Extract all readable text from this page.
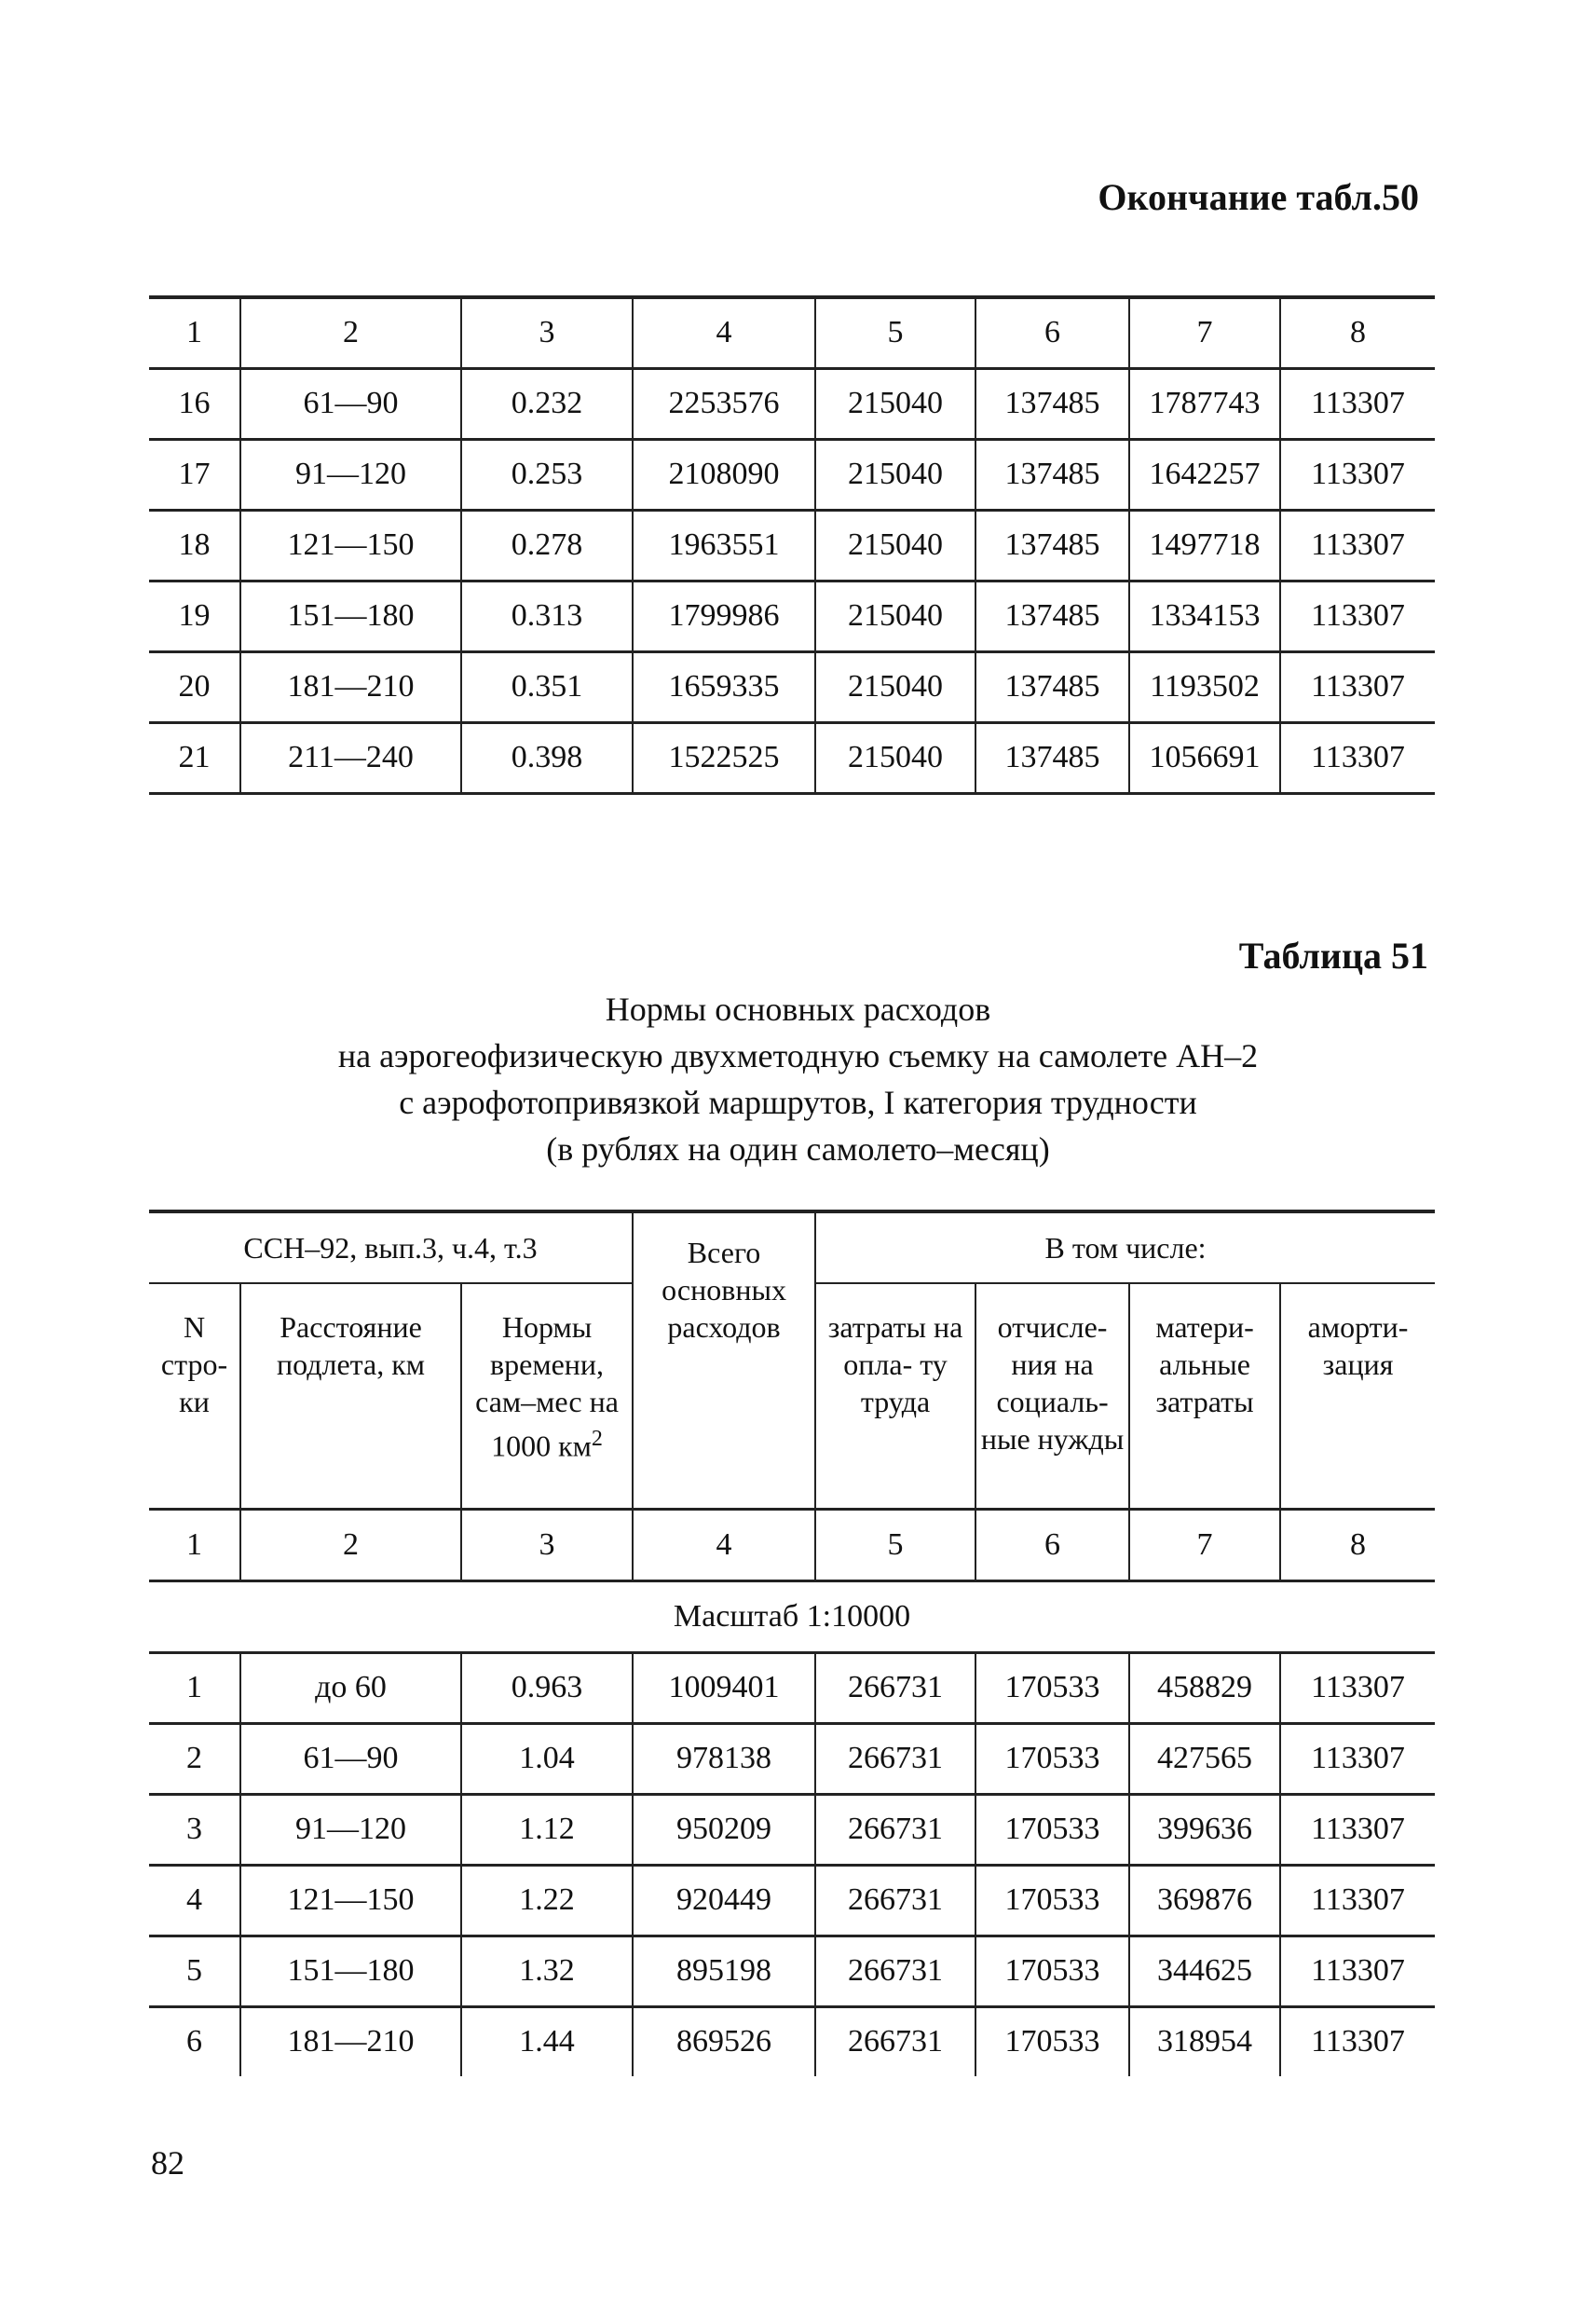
Окончание табл.50
1	2	3	4	5	6	7	8
16	61—90	0.232	2253576	215040	137485	1787743	113307
17	91—120	0.253	2108090	215040	137485	1642257	113307
18	121—150	0.278	1963551	215040	137485	1497718	113307
19	151—180	0.313	1799986	215040	137485	1334153	113307
20	181—210	0.351	1659335	215040	137485	1193502	113307
21	211—240	0.398	1522525	215040	137485	1056691	113307
Таблица 51
Нормы основных расходов
на аэрогеофизическую двухметодную съемку на самолете АН–2
с аэрофотопривязкой маршрутов, I категория трудности
(в рублях на один самолето–месяц)
ССН–92, вып.3, ч.4, т.3			Всего основных расходов	В том числе:			
N стро- ки	Расстояние подлета, км	Нормы времени, сам–мес на 1000 $км^2$		затраты на опла- ту труда	отчисле- ния на социаль- ные нужды	матери- альные затраты	аморти- зация
1	2	3	4	5	6	7	8
Масштаб 1:10000							
1	до 60	0.963	1009401	266731	170533	458829	113307
2	61—90	1.04	978138	266731	170533	427565	113307
3	91—120	1.12	950209	266731	170533	399636	113307
4	121—150	1.22	920449	266731	170533	369876	113307
5	151—180	1.32	895198	266731	170533	344625	113307
6	181—210	1.44	869526	266731	170533	318954	113307
82
